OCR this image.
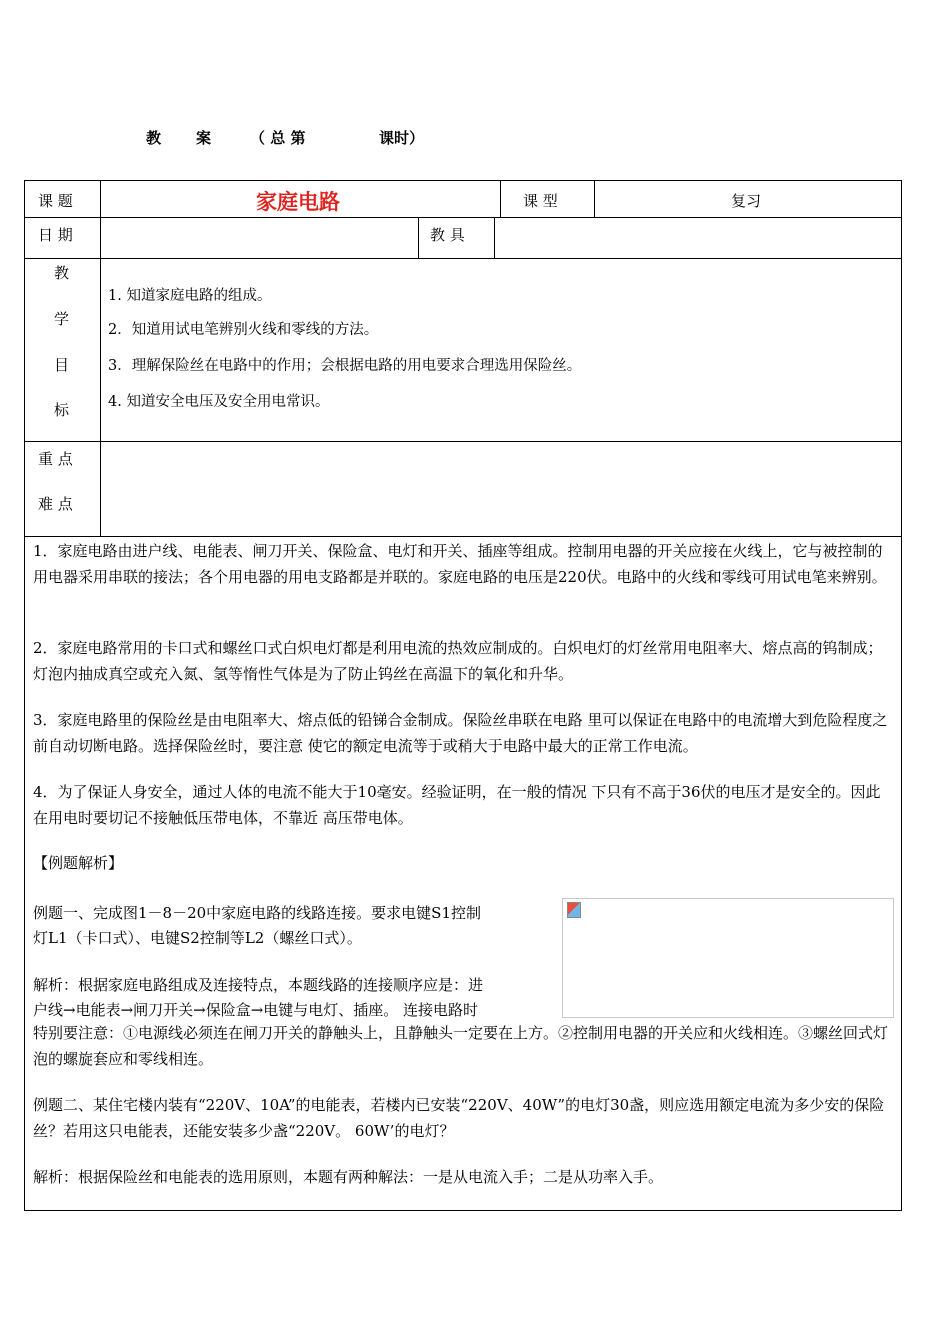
教 案	（ 总 第	课时）
课 题	家庭电路	课 型	复习
日 期	教 具
教
学
目
标
1. 知道家庭电路的组成。
2．知道用试电笔辨别火线和零线的方法。
3．理解保险丝在电路中的作用；会根据电路的用电要求合理选用保险丝。
4. 知道安全电压及安全用电常识。
重 点
难 点

1．家庭电路由进户线、电能表、闸刀开关、保险盒、电灯和开关、插座等组成。控制用电器的开关应接在火线上，它与被控制的用电器采用串联的接法；各个用电器的用电支路都是并联的。家庭电路的电压是220伏。电路中的火线和零线可用试电笔来辨别。

2．家庭电路常用的卡口式和螺丝口式白炽电灯都是利用电流的热效应制成的。白炽电灯的灯丝常用电阻率大、熔点高的钨制成；灯泡内抽成真空或充入氮、氢等惰性气体是为了防止钨丝在高温下的氧化和升华。

3．家庭电路里的保险丝是由电阻率大、熔点低的铅锑合金制成。保险丝串联在电路 里可以保证在电路中的电流增大到危险程度之前自动切断电路。选择保险丝时，要注意 使它的额定电流等于或稍大于电路中最大的正常工作电流。

4．为了保证人身安全，通过人体的电流不能大于10毫安。经验证明，在一般的情况 下只有不高于36伏的电压才是安全的。因此在用电时要切记不接触低压带电体，不靠近 高压带电体。

【例题解析】

例题一、完成图1－8－20中家庭电路的线路连接。要求电键S1控制
灯L1（卡口式）、电键S2控制等L2（螺丝口式）。
解析：根据家庭电路组成及连接特点，本题线路的连接顺序应是：进
户线→电能表→闸刀开关→保险盒→电键与电灯、插座。 连接电路时

特别要注意：①电源线必须连在闸刀开关的静触头上，且静触头一定要在上方。②控制用电器的开关应和火线相连。③螺丝回式灯泡的螺旋套应和零线相连。

例题二、某住宅楼内装有“220V、10A”的电能表，若楼内已安装“220V、40W”的电灯30盏，则应选用额定电流为多少安的保险丝？若用这只电能表，还能安装多少盏“220V。 60W’的电灯？

解析：根据保险丝和电能表的选用原则，本题有两种解法：一是从电流入手；二是从功率入手。
